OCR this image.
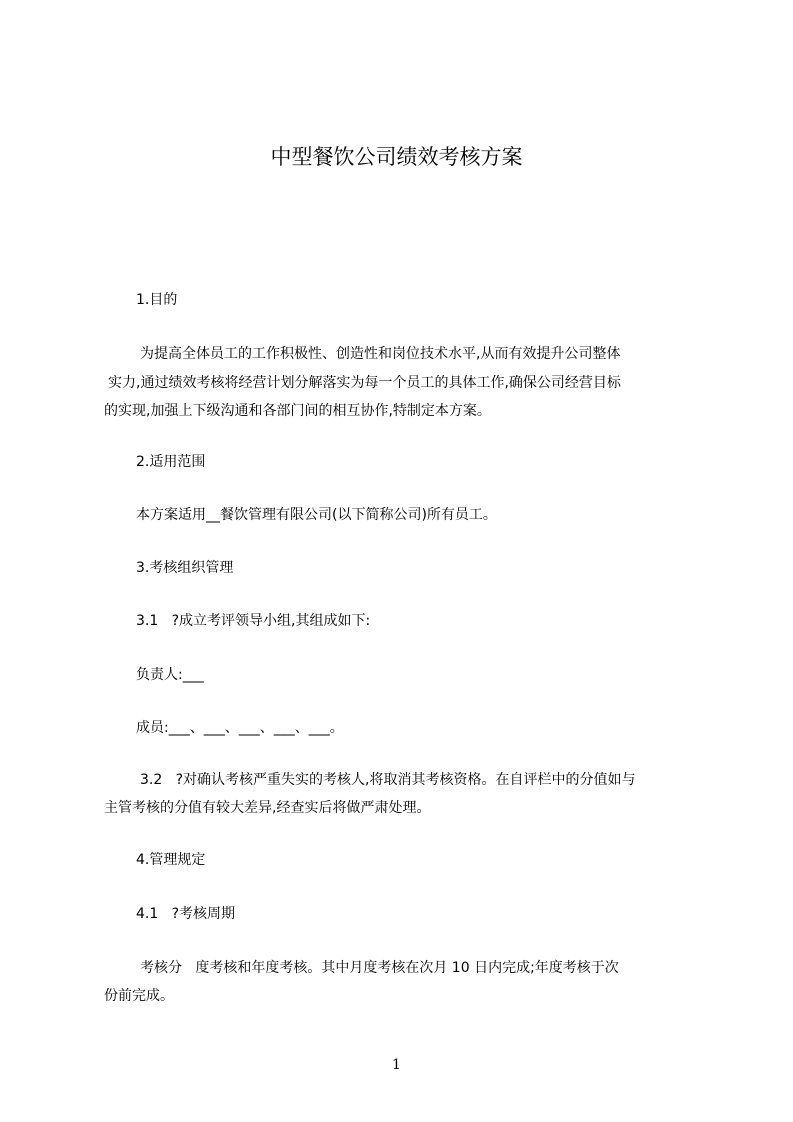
中型餐饮公司绩效考核方案

1.目的

为提高全体员工的工作积极性、创造性和岗位技术水平,从而有效提升公司整体

实力,通过绩效考核将经营计划分解落实为每一个员工的具体工作,确保公司经营目标

的实现,加强上下级沟通和各部门间的相互协作,特制定本方案。

2.适用范围

本方案适用__餐饮管理有限公司(以下简称公司)所有员工。

3.考核组织管理

3.1   ?成立考评领导小组,其组成如下:

负责人:___

成员:___、___、___、___、___。

3.2   ?对确认考核严重失实的考核人,将取消其考核资格。在自评栏中的分值如与

主管考核的分值有较大差异,经查实后将做严肃处理。

4.管理规定

4.1   ?考核周期

考核分   度考核和年度考核。其中月度考核在次月 10 日内完成;年度考核于次

份前完成。

1
